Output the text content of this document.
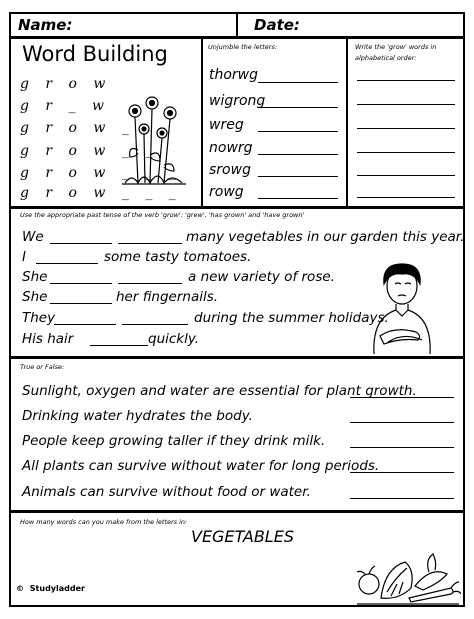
Name:	Date:
Word Building
g r o w
g r _ w
g r o w _
g r o w _ _
g r o w _ _ _
g r o w _ _ _
Unjumble the letters:
thorwg
wigrong
wreg
nowrg
srowg
rowg
Write the 'grow' words in
alphabetical order:
Use the appropriate past tense of the verb 'grow': 'grew', 'has grown' and 'have grown'
We	many vegetables in our garden this year.
I	some tasty tomatoes.
She	a new variety of rose.
She	her fingernails.
They	during the summer holidays.
His hair	quickly.
True or False:
Sunlight, oxygen and water are essential for plant growth.
Drinking water hydrates the body.
People keep growing taller if they drink milk.
All plants can survive without water for long periods.
Animals can survive without food or water.
How many words can you make from the letters in:
VEGETABLES
© Studyladder
